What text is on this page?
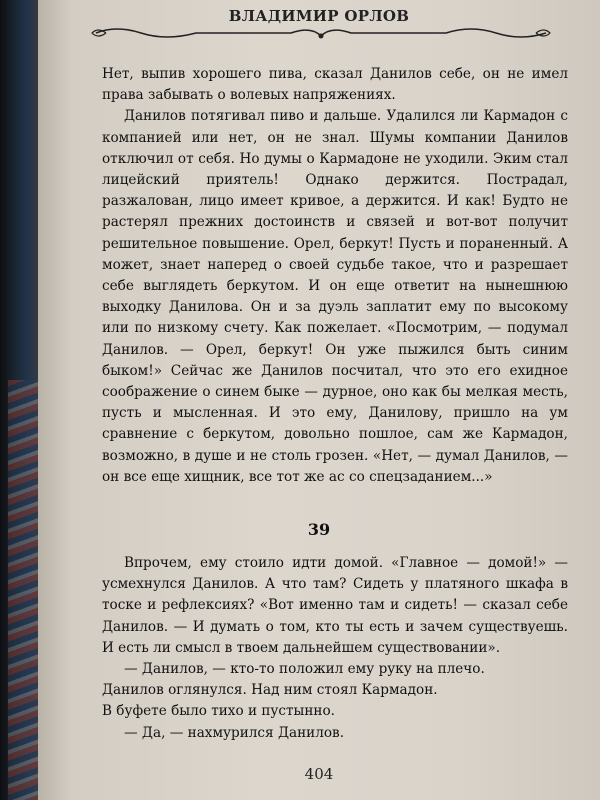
ВЛАДИМИР ОРЛОВ

Нет, выпив хорошего пива, сказал Данилов себе, он не имел права забывать о волевых напряжениях.

Данилов потягивал пиво и дальше. Удалился ли Кармадон с компанией или нет, он не знал. Шумы компании Данилов отключил от себя. Но думы о Кармадоне не уходили. Эким стал лицейский приятель! Однако держится. Пострадал, разжалован, лицо имеет кривое, а держится. И как! Будто не растерял прежних достоинств и связей и вот-вот получит решительное повышение. Орел, беркут! Пусть и пораненный. А может, знает наперед о своей судьбе такое, что и разрешает себе выглядеть беркутом. И он еще ответит на нынешнюю выходку Данилова. Он и за дуэль заплатит ему по высокому или по низкому счету. Как пожелает. «Посмотрим, — подумал Данилов. — Орел, беркут! Он уже пыжился быть синим быком!» Сейчас же Данилов посчитал, что это его ехидное соображение о синем быке — дурное, оно как бы мелкая месть, пусть и мысленная. И это ему, Данилову, пришло на ум сравнение с беркутом, довольно пошлое, сам же Кармадон, возможно, в душе и не столь грозен. «Нет, — думал Данилов, — он все еще хищник, все тот же ас со спецзаданием...»

39

Впрочем, ему стоило идти домой. «Главное — домой!» — усмехнулся Данилов. А что там? Сидеть у платяного шкафа в тоске и рефлексиях? «Вот именно там и сидеть! — сказал себе Данилов. — И думать о том, кто ты есть и зачем существуешь. И есть ли смысл в твоем дальнейшем существовании».

— Данилов, — кто-то положил ему руку на плечо.

Данилов оглянулся. Над ним стоял Кармадон.

В буфете было тихо и пустынно.

— Да, — нахмурился Данилов.

404
